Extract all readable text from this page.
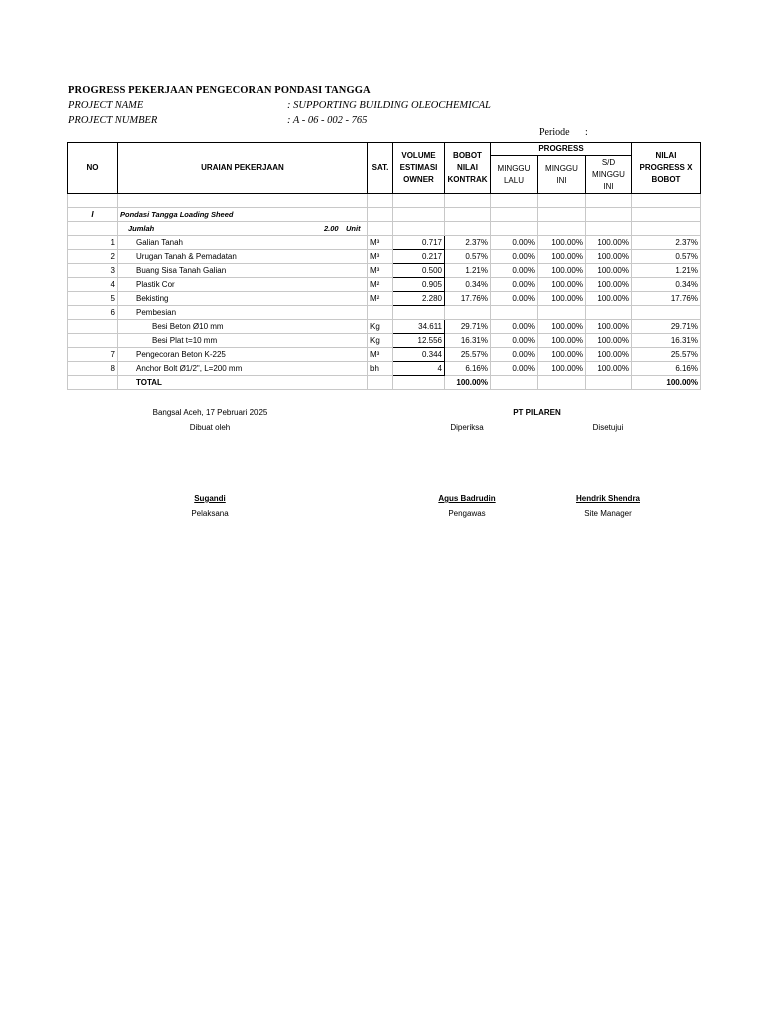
PROGRESS PEKERJAAN PENGECORAN PONDASI TANGGA
PROJECT NAME	: SUPPORTING BUILDING OLEOCHEMICAL
PROJECT NUMBER	: A - 06 - 002 - 765
Periode :
NO	URAIAN PEKERJAAN	SAT.	VOLUME ESTIMASI OWNER	BOBOT NILAI KONTRAK	PROGRESS			NILAI PROGRESS X BOBOT
					MINGGU LALU	MINGGU INI	S/D MINGGU INI	

I	Pondasi Tangga Loading Sheed							
	Jumlah 2.00 Unit							

1	Galian Tanah	M³	0.717	2.37%	0.00%	100.00%	100.00%	2.37%
2	Urugan Tanah & Pemadatan	M³	0.217	0.57%	0.00%	100.00%	100.00%	0.57%
3	Buang Sisa Tanah Galian	M³	0.500	1.21%	0.00%	100.00%	100.00%	1.21%
4	Plastik Cor	M²	0.905	0.34%	0.00%	100.00%	100.00%	0.34%
5	Bekisting	M²	2.280	17.76%	0.00%	100.00%	100.00%	17.76%
6	Pembesian							
	Besi Beton Ø10 mm	Kg	34.611	29.71%	0.00%	100.00%	100.00%	29.71%
	Besi Plat t=10 mm	Kg	12.556	16.31%	0.00%	100.00%	100.00%	16.31%
7	Pengecoran Beton K-225	M³	0.344	25.57%	0.00%	100.00%	100.00%	25.57%
8	Anchor Bolt Ø1/2", L=200 mm	bh	4	6.16%	0.00%	100.00%	100.00%	6.16%
	TOTAL			100.00%				100.00%
Bangsal Aceh, 17 Pebruari 2025	PT PILAREN
Dibuat oleh	Diperiksa	Disetujui
Sugandi	Agus Badrudin	Hendrik Shendra
Pelaksana	Pengawas	Site Manager
